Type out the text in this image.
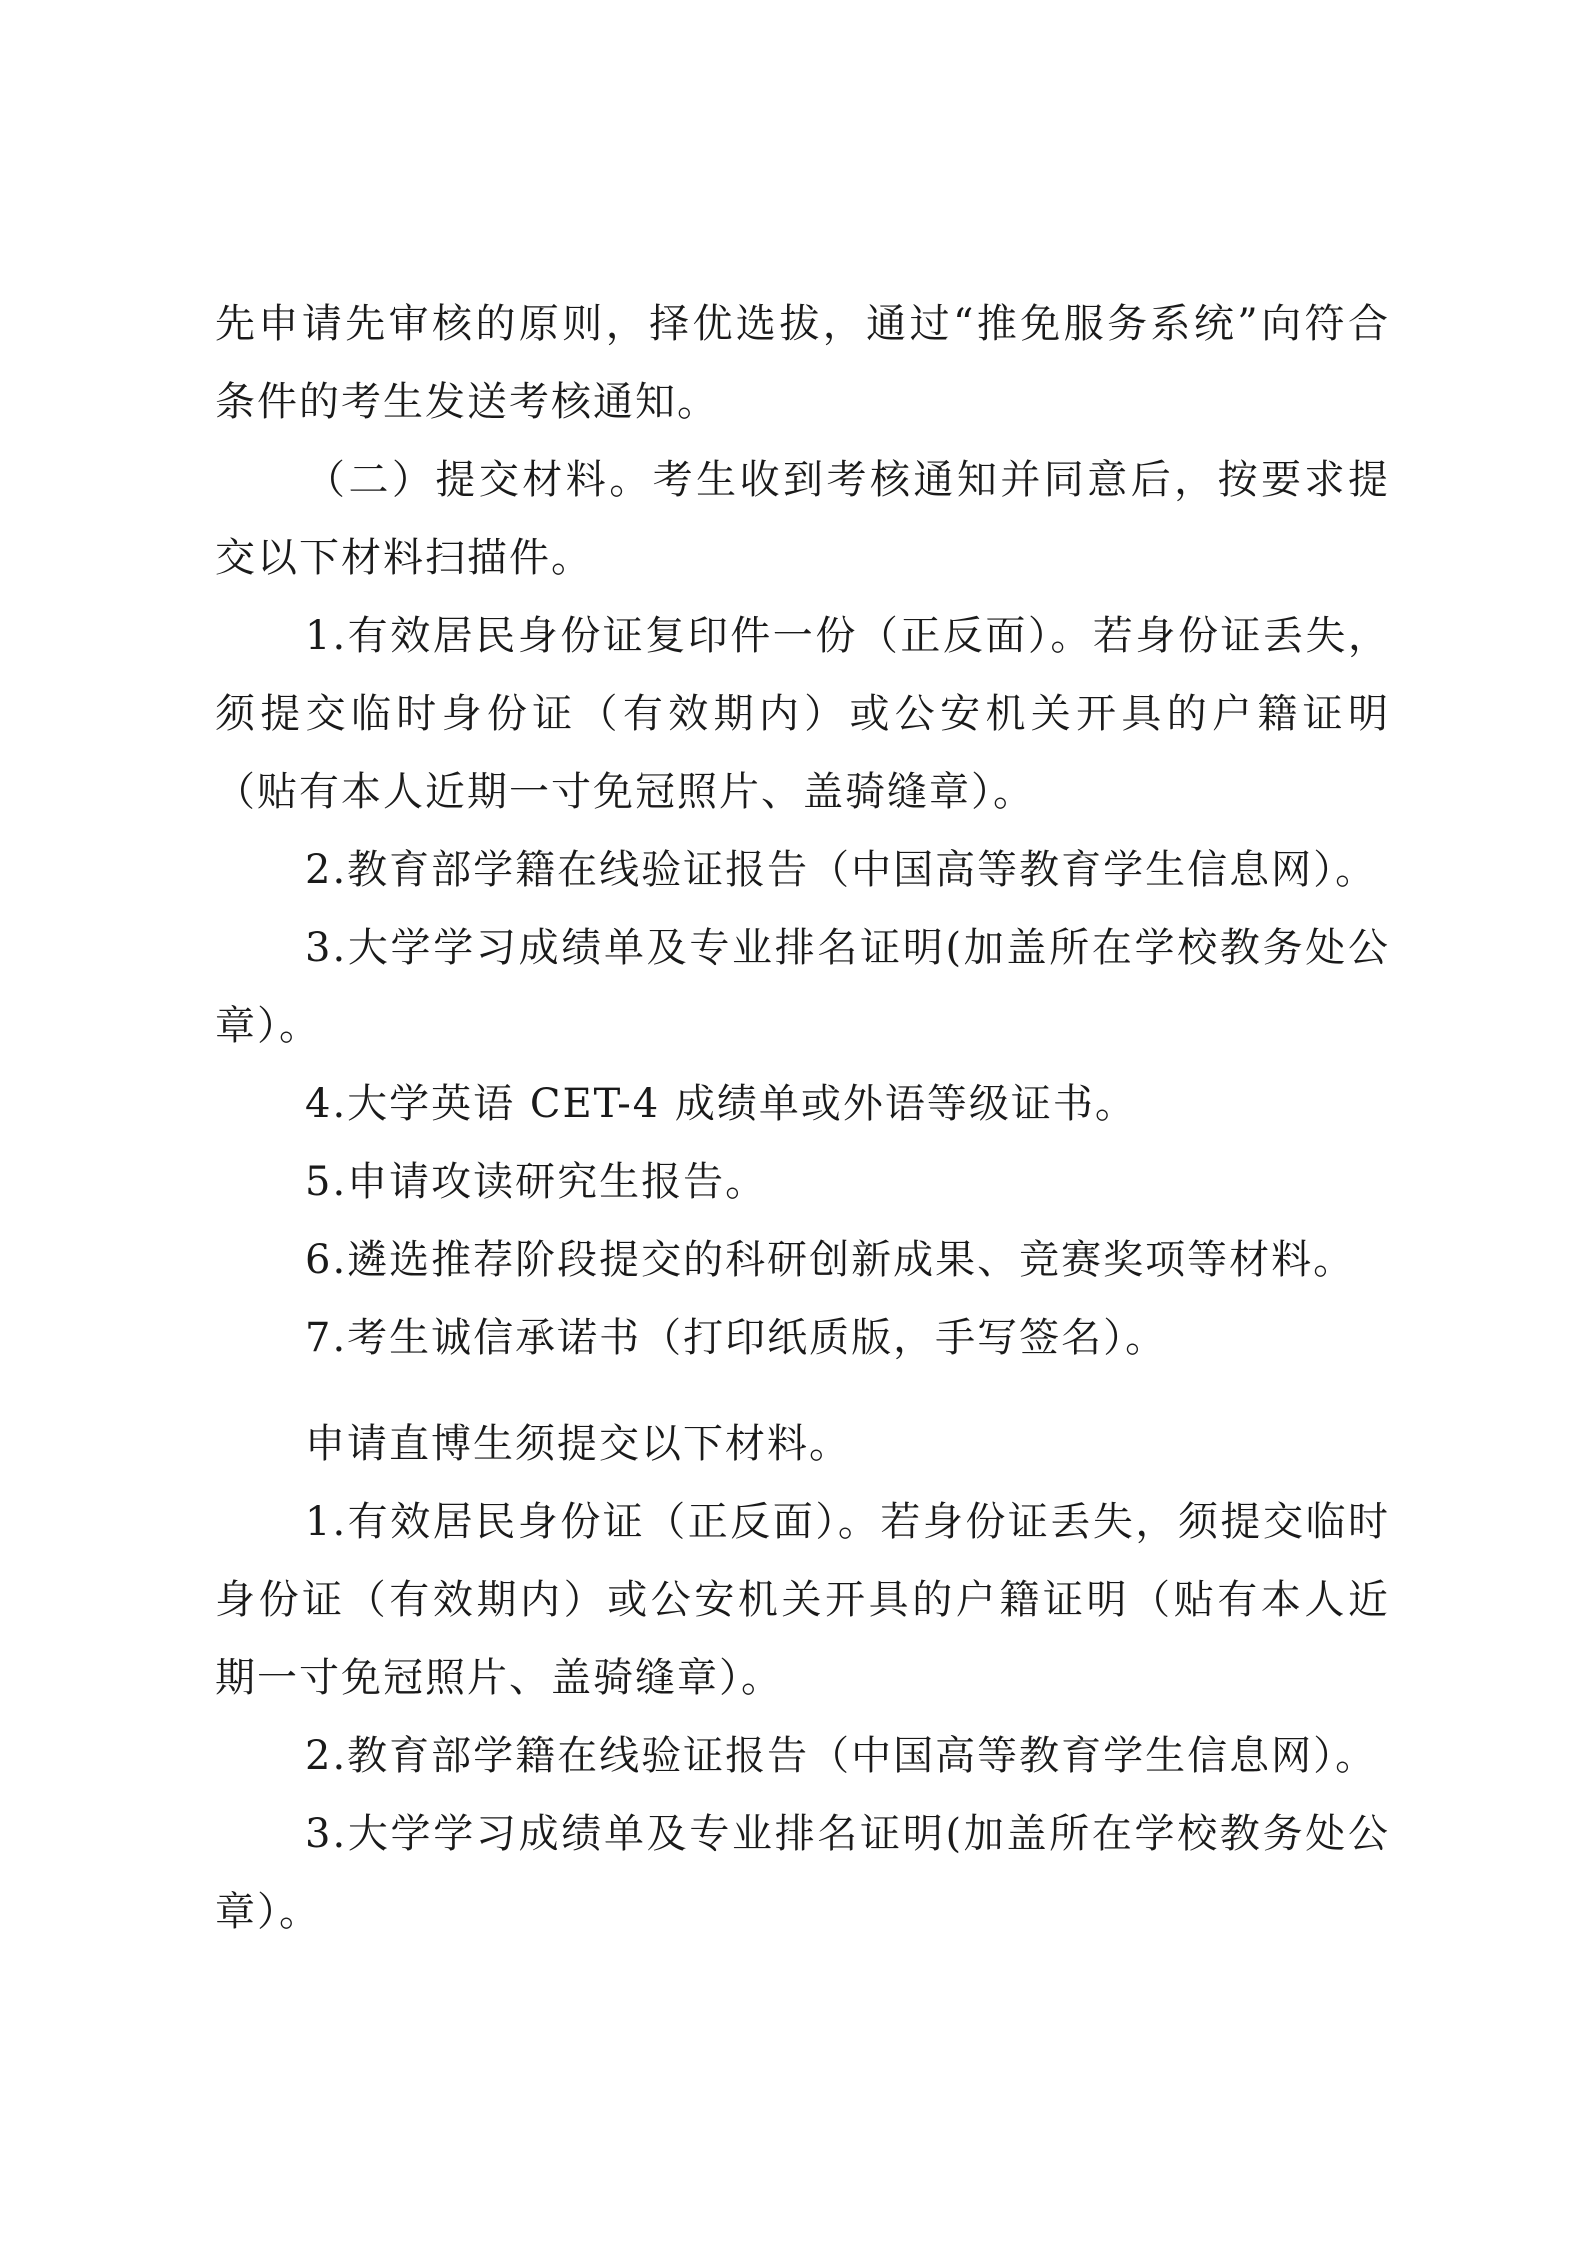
先申请先审核的原则，择优选拔，通过“推免服务系统”向符合条件的考生发送考核通知。

（二）提交材料。考生收到考核通知并同意后，按要求提交以下材料扫描件。

1.有效居民身份证复印件一份（正反面）。若身份证丢失，须提交临时身份证（有效期内）或公安机关开具的户籍证明（贴有本人近期一寸免冠照片、盖骑缝章）。

2.教育部学籍在线验证报告（中国高等教育学生信息网）。

3.大学学习成绩单及专业排名证明(加盖所在学校教务处公章）。

4.大学英语 CET-4 成绩单或外语等级证书。

5.申请攻读研究生报告。

6.遴选推荐阶段提交的科研创新成果、竞赛奖项等材料。

7.考生诚信承诺书（打印纸质版，手写签名）。

申请直博生须提交以下材料。

1.有效居民身份证（正反面）。若身份证丢失，须提交临时身份证（有效期内）或公安机关开具的户籍证明（贴有本人近期一寸免冠照片、盖骑缝章）。

2.教育部学籍在线验证报告（中国高等教育学生信息网）。

3.大学学习成绩单及专业排名证明(加盖所在学校教务处公章）。
